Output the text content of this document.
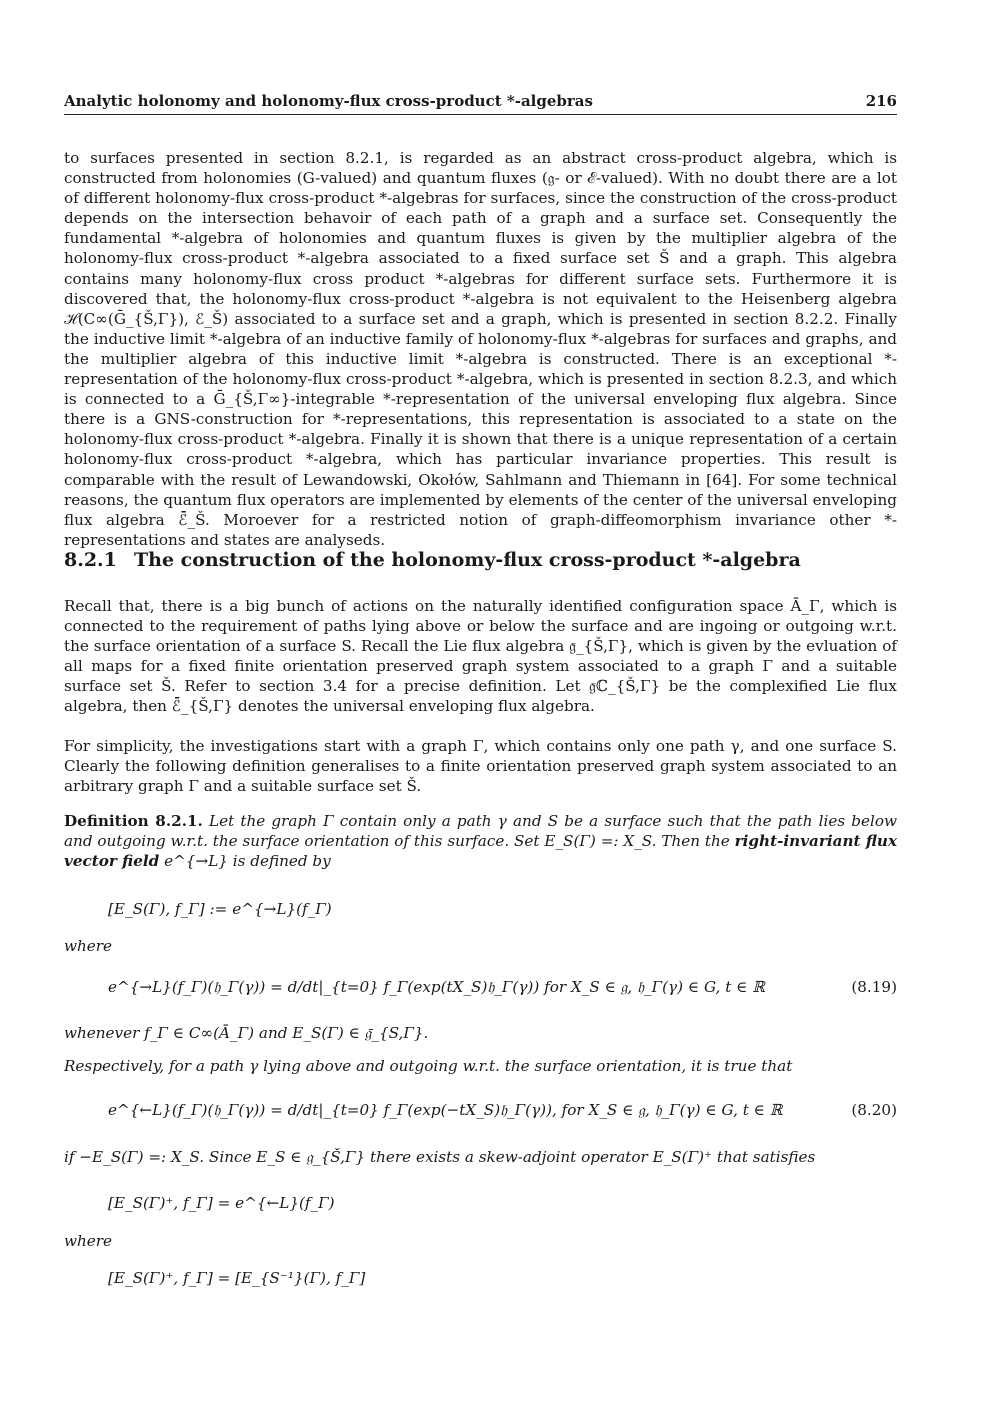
Analytic holonomy and holonomy-flux cross-product *-algebras	216

to surfaces presented in section 8.2.1, is regarded as an abstract cross-product algebra, which is constructed from holonomies (G-valued) and quantum fluxes (𝔤- or ℰ-valued). With no doubt there are a lot of different holonomy-flux cross-product *-algebras for surfaces, since the construction of the cross-product depends on the intersection behavoir of each path of a graph and a surface set. Consequently the fundamental *-algebra of holonomies and quantum fluxes is given by the multiplier algebra of the holonomy-flux cross-product *-algebra associated to a fixed surface set Š and a graph. This algebra contains many holonomy-flux cross product *-algebras for different surface sets. Furthermore it is discovered that, the holonomy-flux cross-product *-algebra is not equivalent to the Heisenberg algebra ℋ(C∞(Ḡ_{Š,Γ}), ℰ_Š) associated to a surface set and a graph, which is presented in section 8.2.2. Finally the inductive limit *-algebra of an inductive family of holonomy-flux *-algebras for surfaces and graphs, and the multiplier algebra of this inductive limit *-algebra is constructed. There is an exceptional *-representation of the holonomy-flux cross-product *-algebra, which is presented in section 8.2.3, and which is connected to a Ḡ_{Š,Γ∞}-integrable *-representation of the universal enveloping flux algebra. Since there is a GNS-construction for *-representations, this representation is associated to a state on the holonomy-flux cross-product *-algebra. Finally it is shown that there is a unique representation of a certain holonomy-flux cross-product *-algebra, which has particular invariance properties. This result is comparable with the result of Lewandowski, Okołów, Sahlmann and Thiemann in [64]. For some technical reasons, the quantum flux operators are implemented by elements of the center of the universal enveloping flux algebra ℰ̄_Š. Moroever for a restricted notion of graph-diffeomorphism invariance other *-representations and states are analyseds.

8.2.1 The construction of the holonomy-flux cross-product *-algebra

Recall that, there is a big bunch of actions on the naturally identified configuration space Ā_Γ, which is connected to the requirement of paths lying above or below the surface and are ingoing or outgoing w.r.t. the surface orientation of a surface S. Recall the Lie flux algebra 𝔤̄_{Š,Γ}, which is given by the evluation of all maps for a fixed finite orientation preserved graph system associated to a graph Γ and a suitable surface set Š. Refer to section 3.4 for a precise definition. Let 𝔤̄ℂ_{Š,Γ} be the complexified Lie flux algebra, then ℰ̄_{Š,Γ} denotes the universal enveloping flux algebra.

For simplicity, the investigations start with a graph Γ, which contains only one path γ, and one surface S. Clearly the following definition generalises to a finite orientation preserved graph system associated to an arbitrary graph Γ and a suitable surface set Š.

Definition 8.2.1. Let the graph Γ contain only a path γ and S be a surface such that the path lies below and outgoing w.r.t. the surface orientation of this surface. Set E_S(Γ) =: X_S. Then the right-invariant flux vector field e^{→L} is defined by

[E_S(Γ), f_Γ] := e^{→L}(f_Γ)

where

e^{→L}(f_Γ)(𝔥_Γ(γ)) = d/dt|_{t=0} f_Γ(exp(tX_S)𝔥_Γ(γ)) for X_S ∈ 𝔤, 𝔥_Γ(γ) ∈ G, t ∈ ℝ	(8.19)

whenever f_Γ ∈ C∞(Ā_Γ) and E_S(Γ) ∈ 𝔤̄_{S,Γ}.

Respectively, for a path γ lying above and outgoing w.r.t. the surface orientation, it is true that

e^{←L}(f_Γ)(𝔥_Γ(γ)) = d/dt|_{t=0} f_Γ(exp(−tX_S)𝔥_Γ(γ)), for X_S ∈ 𝔤, 𝔥_Γ(γ) ∈ G, t ∈ ℝ	(8.20)

if −E_S(Γ) =: X_S. Since E_S ∈ 𝔤_{Š,Γ} there exists a skew-adjoint operator E_S(Γ)⁺ that satisfies

[E_S(Γ)⁺, f_Γ] = e^{←L}(f_Γ)

where

[E_S(Γ)⁺, f_Γ] = [E_{S⁻¹}(Γ), f_Γ]
